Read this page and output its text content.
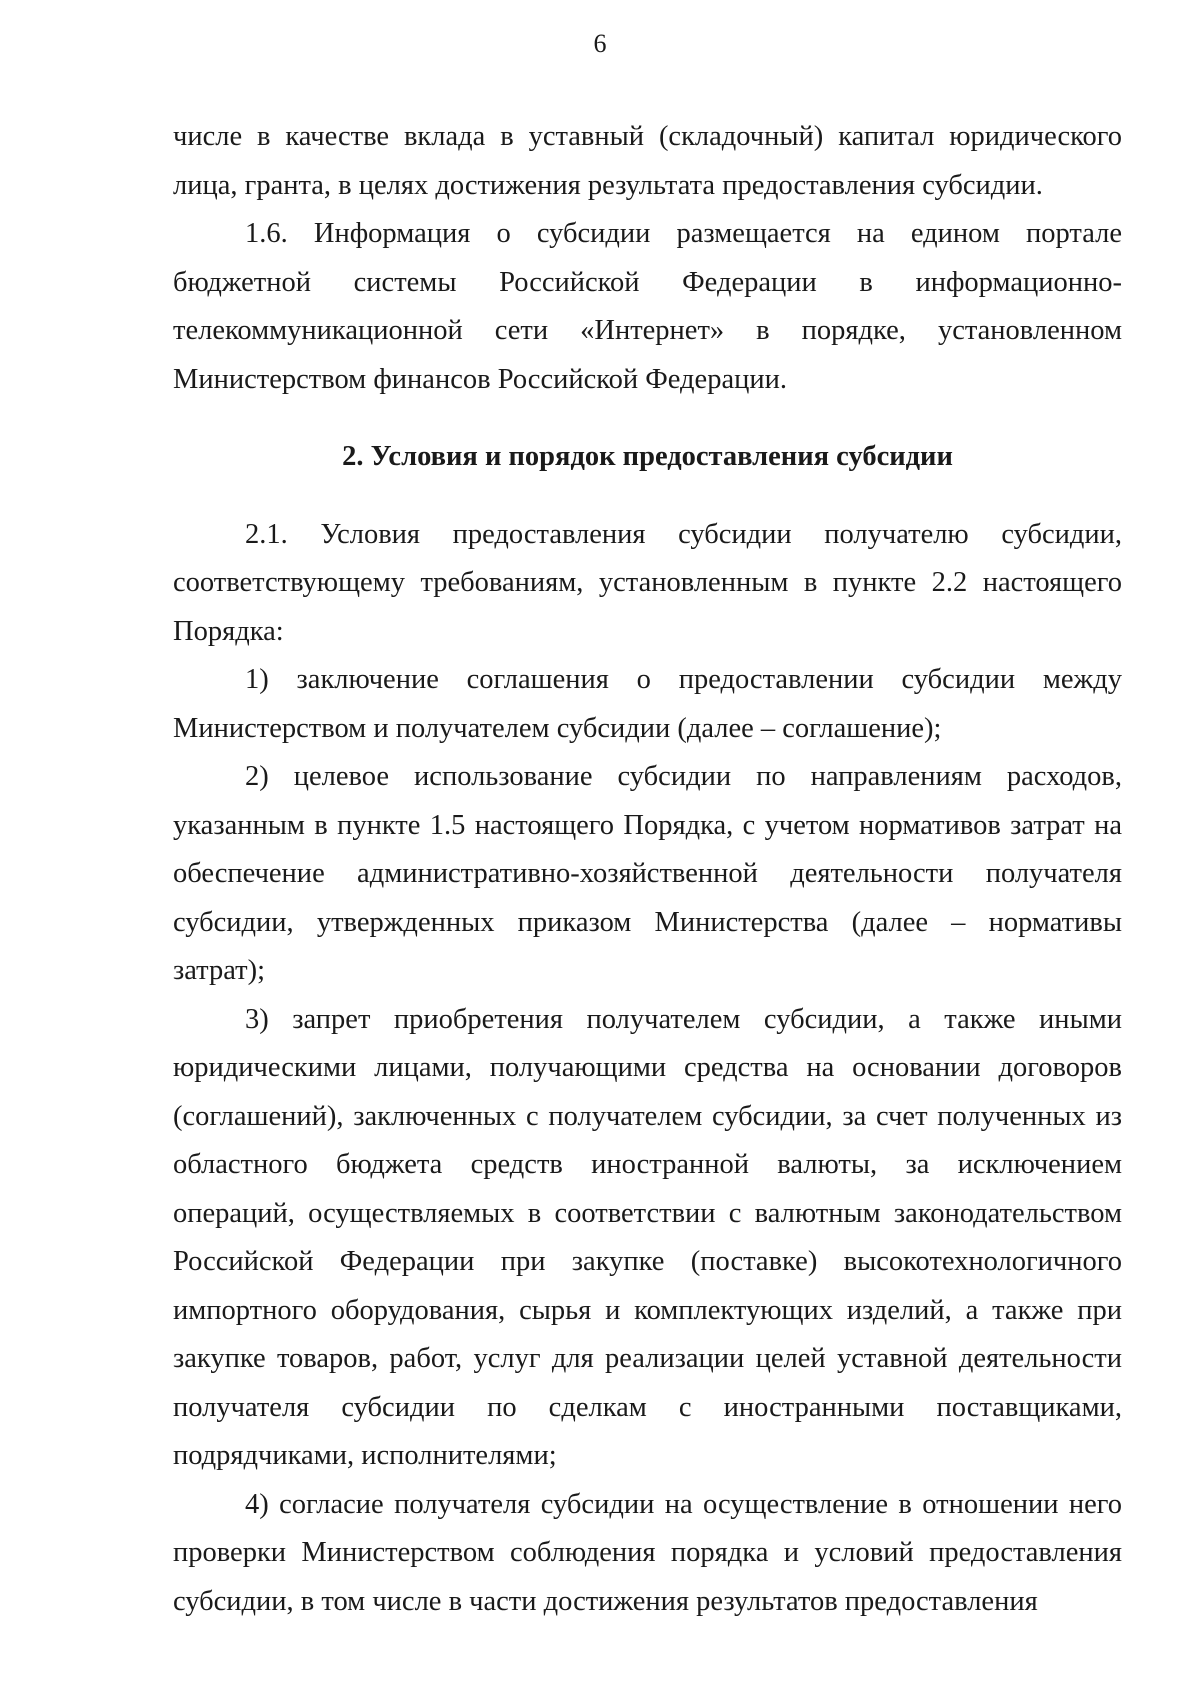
6

числе в качестве вклада в уставный (складочный) капитал юридического лица, гранта, в целях достижения результата предоставления субсидии.

1.6. Информация о субсидии размещается на едином портале бюджетной системы Российской Федерации в информационно-телекоммуникационной сети «Интернет» в порядке, установленном Министерством финансов Российской Федерации.

2. Условия и порядок предоставления субсидии

2.1. Условия предоставления субсидии получателю субсидии, соответствующему требованиям, установленным в пункте 2.2 настоящего Порядка:

1) заключение соглашения о предоставлении субсидии между Министерством и получателем субсидии (далее – соглашение);

2) целевое использование субсидии по направлениям расходов, указанным в пункте 1.5 настоящего Порядка, с учетом нормативов затрат на обеспечение административно-хозяйственной деятельности получателя субсидии, утвержденных приказом Министерства (далее – нормативы затрат);

3) запрет приобретения получателем субсидии, а также иными юридическими лицами, получающими средства на основании договоров (соглашений), заключенных с получателем субсидии, за счет полученных из областного бюджета средств иностранной валюты, за исключением операций, осуществляемых в соответствии с валютным законодательством Российской Федерации при закупке (поставке) высокотехнологичного импортного оборудования, сырья и комплектующих изделий, а также при закупке товаров, работ, услуг для реализации целей уставной деятельности получателя субсидии по сделкам с иностранными поставщиками, подрядчиками, исполнителями;

4) согласие получателя субсидии на осуществление в отношении него проверки Министерством соблюдения порядка и условий предоставления субсидии, в том числе в части достижения результатов предоставления
